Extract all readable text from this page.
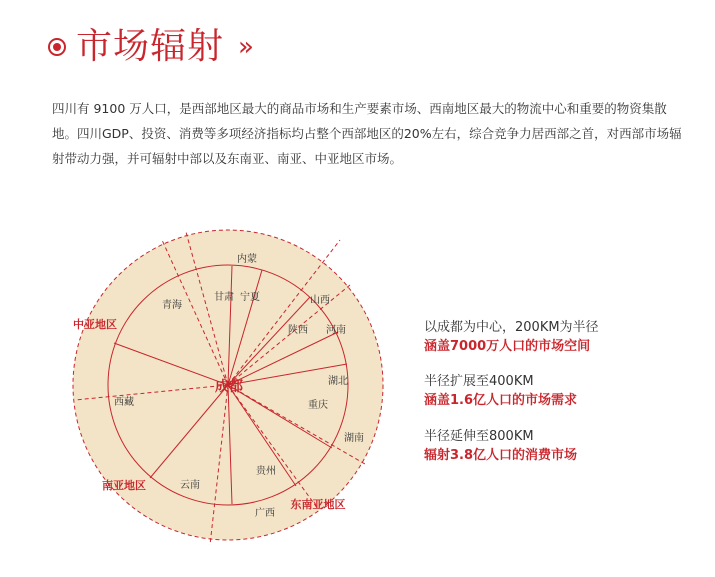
市场辐射 »
四川有 9100 万人口，是西部地区最大的商品市场和生产要素市场、西南地区最大的物流中心和重要的物资集散地。四川GDP、投资、消费等多项经济指标均占整个西部地区的20%左右，综合竞争力居西部之首，对西部市场辐射带动力强，并可辐射中部以及东南亚、南亚、中亚地区市场。
内蒙
青海
甘肃 宁夏	山西
陕西 河南
湖北
西藏	重庆
湖南
贵州
云南
广西
成都
中亚地区
南亚地区
东南亚地区
以成都为中心，200KM为半径
涵盖7000万人口的市场空间
半径扩展至400KM
涵盖1.6亿人口的市场需求
半径延伸至800KM
辐射3.8亿人口的消费市场
